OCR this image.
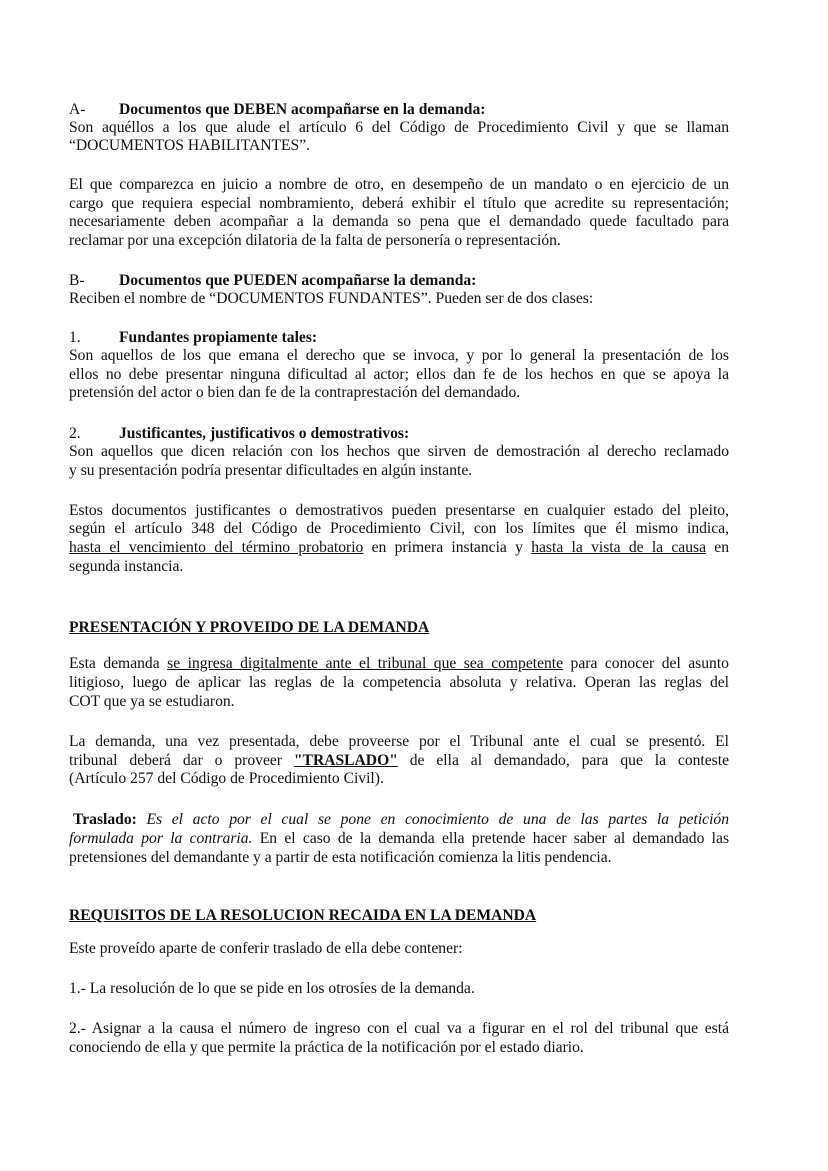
A- Documentos que DEBEN acompañarse en la demanda:
Son aquéllos a los que alude el artículo 6 del Código de Procedimiento Civil y que se llaman
“DOCUMENTOS HABILITANTES”.
El que comparezca en juicio a nombre de otro, en desempeño de un mandato o en ejercicio de un
cargo que requiera especial nombramiento, deberá exhibir el título que acredite su representación;
necesariamente deben acompañar a la demanda so pena que el demandado quede facultado para
reclamar por una excepción dilatoria de la falta de personería o representación.
B- Documentos que PUEDEN acompañarse la demanda:
Reciben el nombre de “DOCUMENTOS FUNDANTES”. Pueden ser de dos clases:
1. Fundantes propiamente tales:
Son aquellos de los que emana el derecho que se invoca, y por lo general la presentación de los
ellos no debe presentar ninguna dificultad al actor; ellos dan fe de los hechos en que se apoya la
pretensión del actor o bien dan fe de la contraprestación del demandado.
2. Justificantes, justificativos o demostrativos:
Son aquellos que dicen relación con los hechos que sirven de demostración al derecho reclamado
y su presentación podría presentar dificultades en algún instante.
Estos documentos justificantes o demostrativos pueden presentarse en cualquier estado del pleito,
según el artículo 348 del Código de Procedimiento Civil, con los límites que él mismo indica,
hasta el vencimiento del término probatorio en primera instancia y hasta la vista de la causa en
segunda instancia.
PRESENTACIÓN Y PROVEIDO DE LA DEMANDA
Esta demanda se ingresa digitalmente ante el tribunal que sea competente para conocer del asunto
litigioso, luego de aplicar las reglas de la competencia absoluta y relativa. Operan las reglas del
COT que ya se estudiaron.
La demanda, una vez presentada, debe proveerse por el Tribunal ante el cual se presentó. El
tribunal deberá dar o proveer "TRASLADO" de ella al demandado, para que la conteste
(Artículo 257 del Código de Procedimiento Civil).
Traslado: Es el acto por el cual se pone en conocimiento de una de las partes la petición
formulada por la contraria. En el caso de la demanda ella pretende hacer saber al demandado las
pretensiones del demandante y a partir de esta notificación comienza la litis pendencia.
REQUISITOS DE LA RESOLUCION RECAIDA EN LA DEMANDA
Este proveído aparte de conferir traslado de ella debe contener:
1.- La resolución de lo que se pide en los otrosíes de la demanda.
2.- Asignar a la causa el número de ingreso con el cual va a figurar en el rol del tribunal que está
conociendo de ella y que permite la práctica de la notificación por el estado diario.
